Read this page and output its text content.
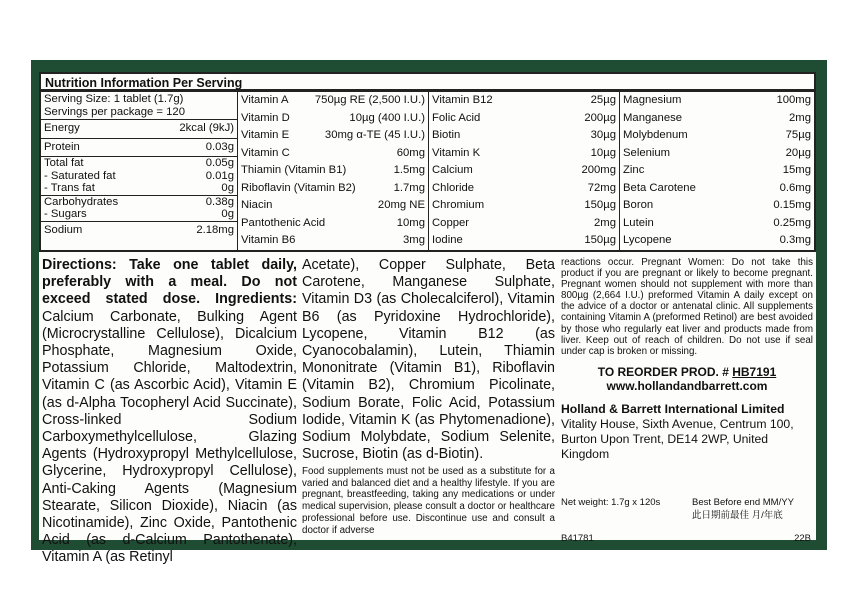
Nutrition Information Per Serving
Serving Size: 1 tablet (1.7g)
Servings per package = 120
Energy	2kcal (9kJ)
Protein	0.03g
Total fat	0.05g
- Saturated fat	0.01g
- Trans fat	0g
Carbohydrates	0.38g
- Sugars	0g
Sodium	2.18mg
Vitamin A 750µg RE (2,500 I.U.)
Vitamin D	10µg (400 I.U.)
Vitamin E	30mg α-TE (45 I.U.)
Vitamin C	60mg
Thiamin (Vitamin B1)	1.5mg
Riboflavin (Vitamin B2)	1.7mg
Niacin	20mg NE
Pantothenic Acid	10mg
Vitamin B6	3mg
Vitamin B12	25µg
Folic Acid	200µg
Biotin	30µg
Vitamin K	10µg
Calcium	200mg
Chloride	72mg
Chromium	150µg
Copper	2mg
Iodine	150µg
Magnesium	100mg
Manganese	2mg
Molybdenum	75µg
Selenium	20µg
Zinc	15mg
Beta Carotene	0.6mg
Boron	0.15mg
Lutein	0.25mg
Lycopene	0.3mg
Directions: Take one tablet daily, preferably with a meal. Do not exceed stated dose. Ingredients: Calcium Carbonate, Bulking Agent (Microcrystalline Cellulose), Dicalcium Phosphate, Magnesium Oxide, Potassium Chloride, Maltodextrin, Vitamin C (as Ascorbic Acid), Vitamin E (as d-Alpha Tocopheryl Acid Succinate), Cross-linked Sodium Carboxymethylcellulose, Glazing Agents (Hydroxypropyl Methylcellulose, Glycerine, Hydroxypropyl Cellulose), Anti-Caking Agents (Magnesium Stearate, Silicon Dioxide), Niacin (as Nicotinamide), Zinc Oxide, Pantothenic Acid (as d-Calcium Pantothenate), Vitamin A (as Retinyl
Acetate), Copper Sulphate, Beta Carotene, Manganese Sulphate, Vitamin D3 (as Cholecalciferol), Vitamin B6 (as Pyridoxine Hydrochloride), Lycopene, Vitamin B12 (as Cyanocobalamin), Lutein, Thiamin Mononitrate (Vitamin B1), Riboflavin (Vitamin B2), Chromium Picolinate, Sodium Borate, Folic Acid, Potassium Iodide, Vitamin K (as Phytomenadione), Sodium Molybdate, Sodium Selenite, Sucrose, Biotin (as d-Biotin).
Food supplements must not be used as a substitute for a varied and balanced diet and a healthy lifestyle. If you are pregnant, breastfeeding, taking any medications or under medical supervision, please consult a doctor or healthcare professional before use. Discontinue use and consult a doctor if adverse
reactions occur. Pregnant Women: Do not take this product if you are pregnant or likely to become pregnant. Pregnant women should not supplement with more than 800µg (2,664 I.U.) preformed Vitamin A daily except on the advice of a doctor or antenatal clinic. All supplements containing Vitamin A (preformed Retinol) are best avoided by those who regularly eat liver and products made from liver. Keep out of reach of children. Do not use if seal under cap is broken or missing.
TO REORDER PROD. # HB7191
www.hollandandbarrett.com
Holland & Barrett International Limited
Vitality House, Sixth Avenue, Centrum 100, Burton Upon Trent, DE14 2WP, United Kingdom
Net weight: 1.7g x 120s	Best Before end MM/YY
此日期前最佳 月/年底
B41781	22B
